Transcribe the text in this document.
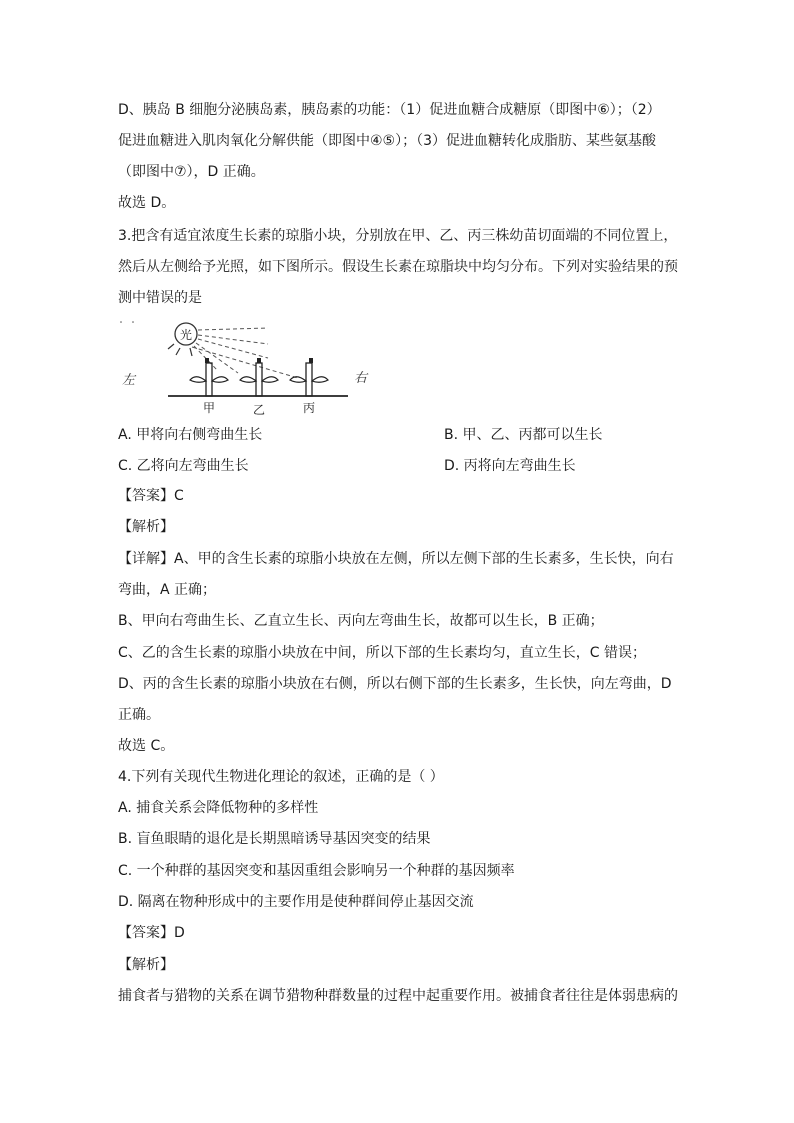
D、胰岛 B 细胞分泌胰岛素，胰岛素的功能：（1）促进血糖合成糖原（即图中⑥）；（2）
促进血糖进入肌肉氧化分解供能（即图中④⑤）；（3）促进血糖转化成脂肪、某些氨基酸
（即图中⑦），D 正确。
故选 D。
3.把含有适宜浓度生长素的琼脂小块，分别放在甲、乙、丙三株幼苗切面端的不同位置上，
然后从左侧给予光照，如下图所示。假设生长素在琼脂块中均匀分布。下列对实验结果的预
测中错误的是
光
左	右
甲	乙	丙
A. 甲将向右侧弯曲生长	B. 甲、乙、丙都可以生长
C. 乙将向左弯曲生长	D. 丙将向左弯曲生长
【答案】C
【解析】
【详解】A、甲的含生长素的琼脂小块放在左侧，所以左侧下部的生长素多，生长快，向右
弯曲，A 正确；
B、甲向右弯曲生长、乙直立生长、丙向左弯曲生长，故都可以生长，B 正确；
C、乙的含生长素的琼脂小块放在中间，所以下部的生长素均匀，直立生长，C 错误；
D、丙的含生长素的琼脂小块放在右侧，所以右侧下部的生长素多，生长快，向左弯曲，D
正确。
故选 C。
4.下列有关现代生物进化理论的叙述，正确的是（ ）
A. 捕食关系会降低物种的多样性
B. 盲鱼眼睛的退化是长期黑暗诱导基因突变的结果
C. 一个种群的基因突变和基因重组会影响另一个种群的基因频率
D. 隔离在物种形成中的主要作用是使种群间停止基因交流
【答案】D
【解析】
捕食者与猎物的关系在调节猎物种群数量的过程中起重要作用。被捕食者往往是体弱患病的
